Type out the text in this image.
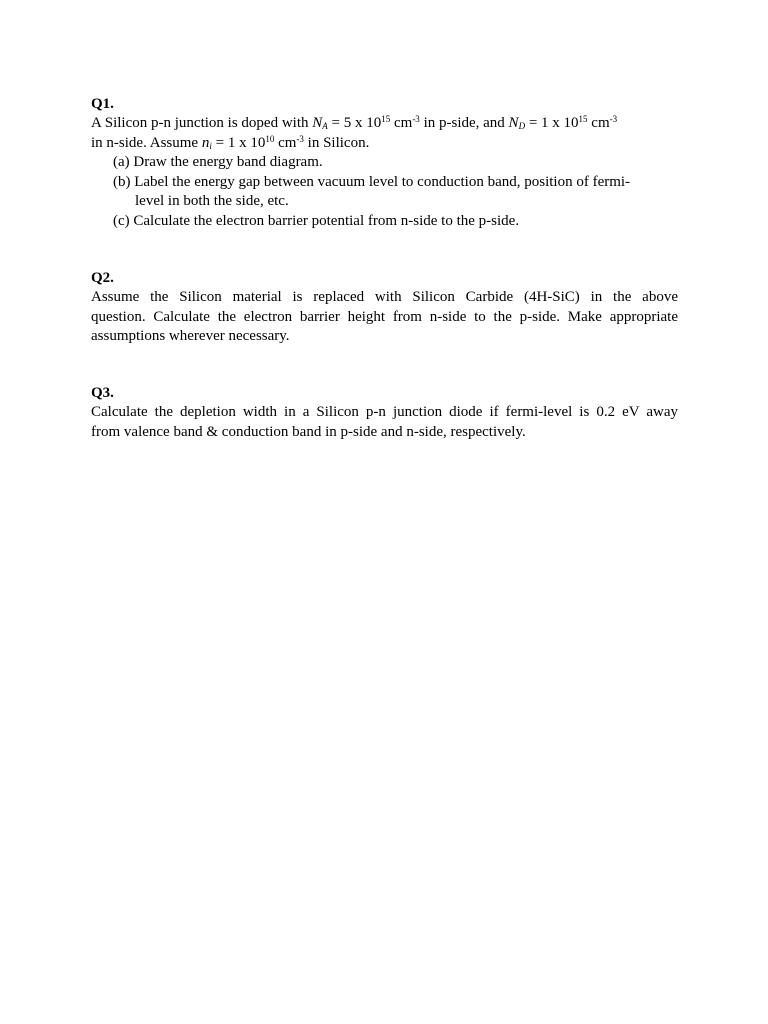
Q1.
A Silicon p-n junction is doped with $N_A = 5$ x $10^{15}$ $cm^{-3}$ in p-side, and $N_D = 1$ x $10^{15}$ $cm^{-3}$
in n-side. Assume $n_i = 1$ x $10^{10}$ $cm^{-3}$ in Silicon.
(a) Draw the energy band diagram.
(b) Label the energy gap between vacuum level to conduction band, position of fermi-
level in both the side, etc.
(c) Calculate the electron barrier potential from n-side to the p-side.
Q2.
Assume the Silicon material is replaced with Silicon Carbide (4H-SiC) in the above
question. Calculate the electron barrier height from n-side to the p-side. Make appropriate
assumptions wherever necessary.
Q3.
Calculate the depletion width in a Silicon p-n junction diode if fermi-level is 0.2 eV away
from valence band & conduction band in p-side and n-side, respectively.
